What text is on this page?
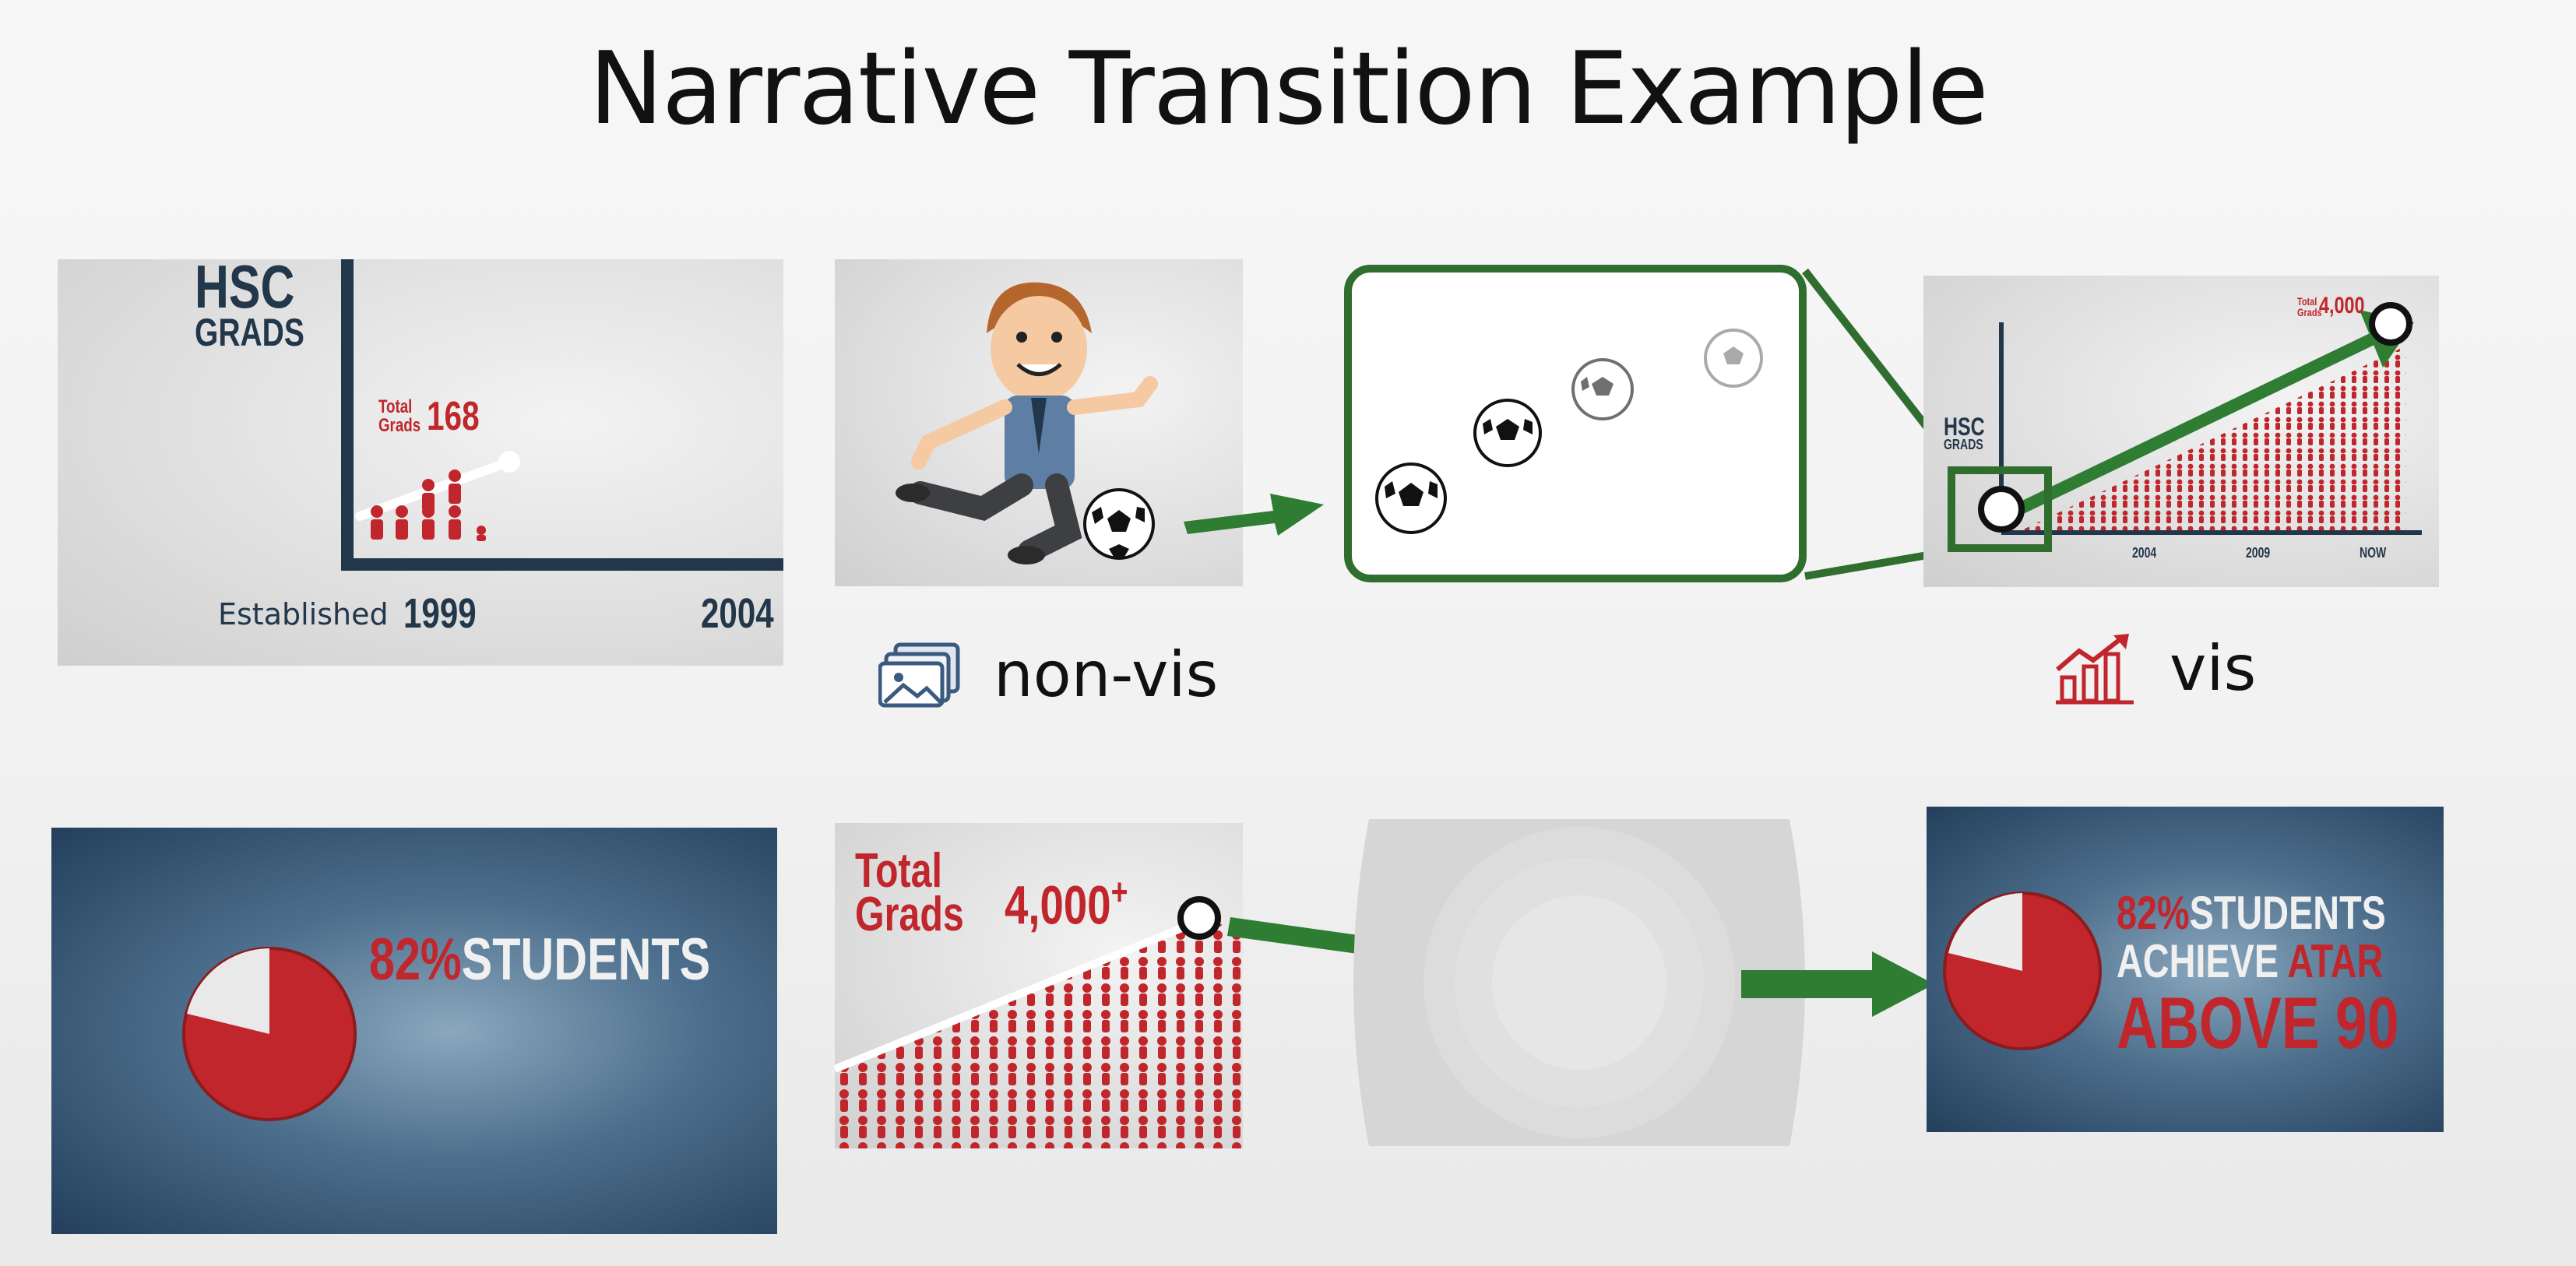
Narrative Transition Example
HSC
GRADS
Total
Grads 168
Established 1999	2004
HSC
GRADS
Total
Grads
4,000
2004	2009	NOW
non-vis	vis
82%STUDENTS
Total
Grads 4,000+	82%STUDENTS
ACHIEVE ATAR
ABOVE 90
